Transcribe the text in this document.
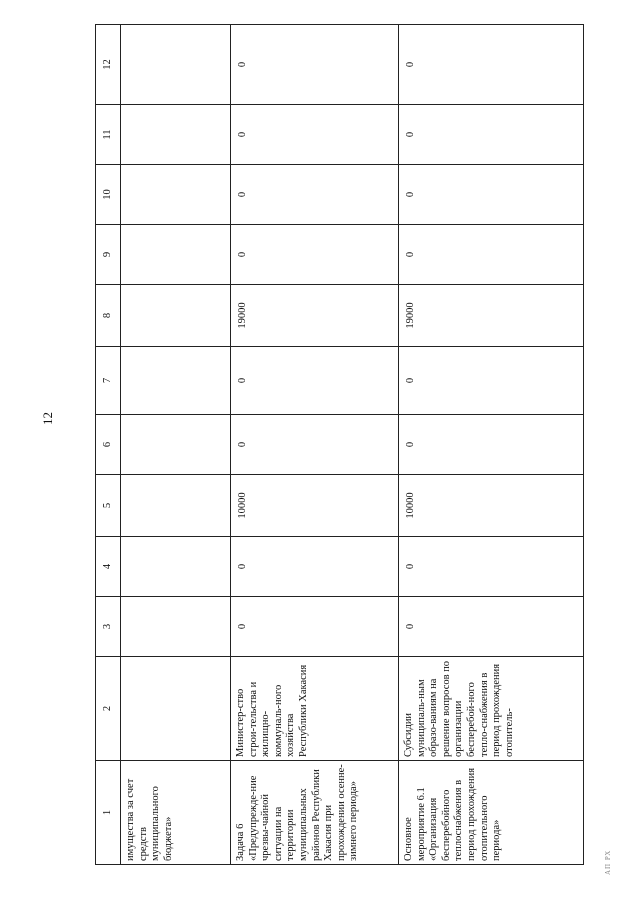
12
1	2	3	4	5	6	7	8	9	10	11	12
имущества за счет средств муниципального бюджета»											
Задача 6 «Предупрежде-ние чрезвы-чайной ситуации на территории муниципальных районов Республики Хакасия при прохождении осенне-зимнего периода»	Министер-ство строи-тельства и жилищно-коммуналь-ного хозяйства Республики Хакасия	0	0	10000	0	0	19000	0	0	0	0
Основное мероприятие 6.1 «Организация бесперебойного теплоснабжения в период прохождения отопительного периода»	Субсидии муниципаль-ным образо-ваниям на решение вопросов по организации бесперебой-ного тепло-снабжения в период прохождения отопитель-	0	0	10000	0	0	19000	0	0	0	0
АП РХ
